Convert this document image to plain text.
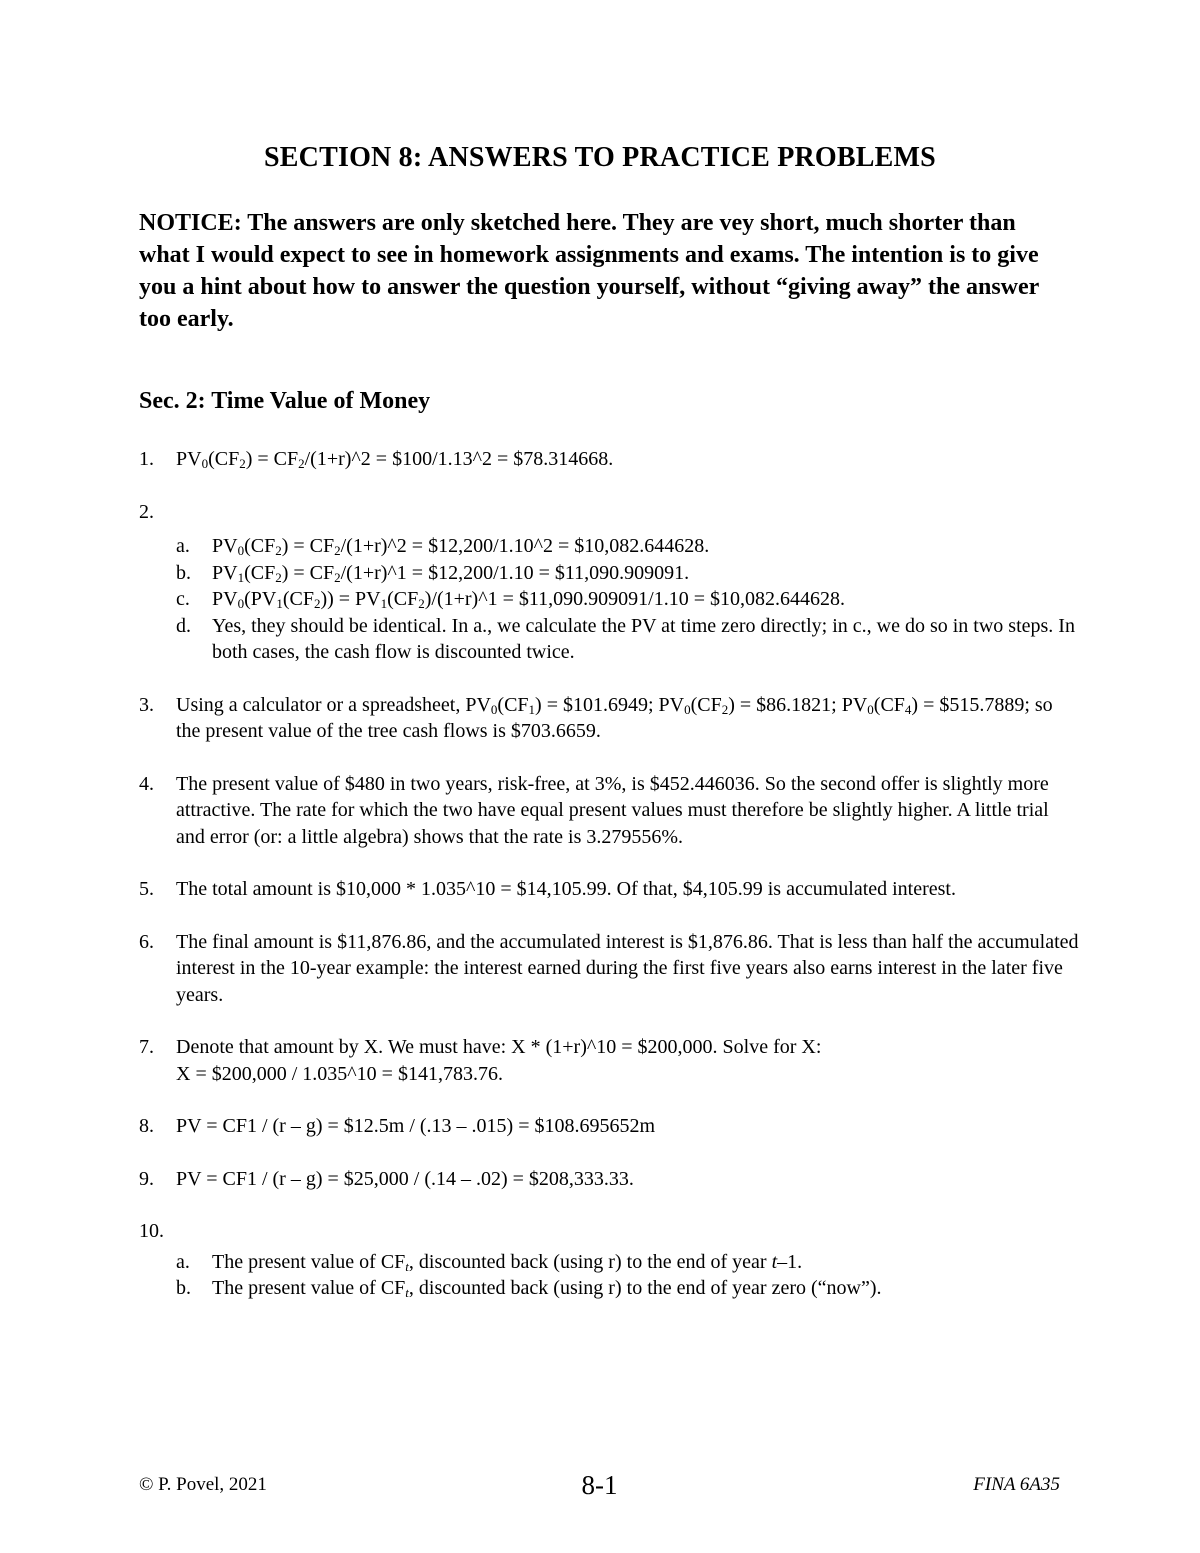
SECTION 8: ANSWERS TO PRACTICE PROBLEMS
NOTICE: The answers are only sketched here. They are vey short, much shorter than what I would expect to see in homework assignments and exams. The intention is to give you a hint about how to answer the question yourself, without “giving away” the answer too early.
Sec. 2: Time Value of Money
1. $PV_0(CF_2)$ = $CF_2/(1+r)\^{}2$ = $100/1.13^2 = $78.314668.
2.
a. $PV_0(CF_2)$ = $CF_2/(1+r)\^{}2$ = $12,200/1.10^2 = $10,082.644628.
b. $PV_1(CF_2)$ = $CF_2/(1+r)\^{}1$ = $12,200/1.10 = $11,090.909091.
c. $PV_0(PV_1(CF_2))$ = $PV_1(CF_2)/(1+r)\^{}1$ = $11,090.909091/1.10 = $10,082.644628.
d. Yes, they should be identical. In a., we calculate the PV at time zero directly; in c., we do so in two steps. In both cases, the cash flow is discounted twice.
3. Using a calculator or a spreadsheet, $PV_0(CF_1)$ = $101.6949; $PV_0(CF_2)$ = $86.1821; $PV_0(CF_4)$ = $515.7889; so the present value of the tree cash flows is $703.6659.
4. The present value of $480 in two years, risk-free, at 3%, is $452.446036. So the second offer is slightly more attractive. The rate for which the two have equal present values must therefore be slightly higher. A little trial and error (or: a little algebra) shows that the rate is 3.279556%.
5. The total amount is $10,000 * 1.035^10 = $14,105.99. Of that, $4,105.99 is accumulated interest.
6. The final amount is $11,876.86, and the accumulated interest is $1,876.86. That is less than half the accumulated interest in the 10-year example: the interest earned during the first five years also earns interest in the later five years.
7. Denote that amount by X. We must have: X * (1+r)^10 = $200,000. Solve for X:
X = $200,000 / 1.035^10 = $141,783.76.
8. PV = CF1 / (r – g) = $12.5m / (.13 – .015) = $108.695652m
9. PV = CF1 / (r – g) = $25,000 / (.14 – .02) = $208,333.33.
10.
a. The present value of $CF_t$, discounted back (using r) to the end of year t–1.
b. The present value of $CF_t$, discounted back (using r) to the end of year zero (“now”).
© P. Povel, 2021	8-1	FINA 6A35
